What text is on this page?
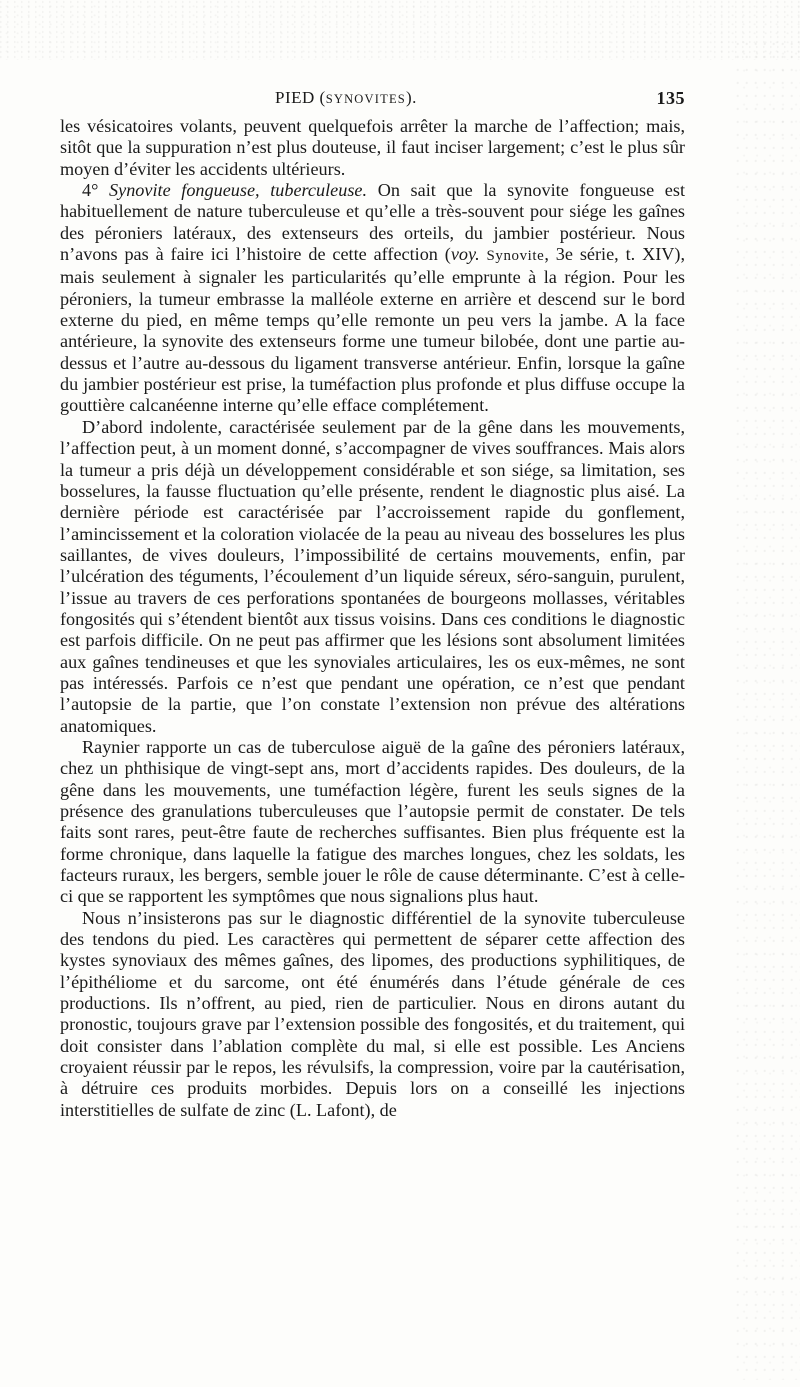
PIED (SYNOVITES).	135

les vésicatoires volants, peuvent quelquefois arrêter la marche de l’affection; mais, sitôt que la suppuration n’est plus douteuse, il faut inciser largement; c’est le plus sûr moyen d’éviter les accidents ultérieurs.

4° Synovite fongueuse, tuberculeuse. On sait que la synovite fongueuse est habituellement de nature tuberculeuse et qu’elle a très-souvent pour siége les gaînes des péroniers latéraux, des extenseurs des orteils, du jambier postérieur. Nous n’avons pas à faire ici l’histoire de cette affection (voy. Synovite, 3e série, t. XIV), mais seulement à signaler les particularités qu’elle emprunte à la région. Pour les péroniers, la tumeur embrasse la malléole externe en arrière et descend sur le bord externe du pied, en même temps qu’elle remonte un peu vers la jambe. A la face antérieure, la synovite des extenseurs forme une tumeur bilobée, dont une partie au-dessus et l’autre au-dessous du ligament transverse antérieur. Enfin, lorsque la gaîne du jambier postérieur est prise, la tuméfaction plus profonde et plus diffuse occupe la gouttière calcanéenne interne qu’elle efface complétement.

D’abord indolente, caractérisée seulement par de la gêne dans les mouvements, l’affection peut, à un moment donné, s’accompagner de vives souffrances. Mais alors la tumeur a pris déjà un développement considérable et son siége, sa limitation, ses bosselures, la fausse fluctuation qu’elle présente, rendent le diagnostic plus aisé. La dernière période est caractérisée par l’accroissement rapide du gonflement, l’amincissement et la coloration violacée de la peau au niveau des bosselures les plus saillantes, de vives douleurs, l’impossibilité de certains mouvements, enfin, par l’ulcération des téguments, l’écoulement d’un liquide séreux, séro-sanguin, purulent, l’issue au travers de ces perforations spontanées de bourgeons mollasses, véritables fongosités qui s’étendent bientôt aux tissus voisins. Dans ces conditions le diagnostic est parfois difficile. On ne peut pas affirmer que les lésions sont absolument limitées aux gaînes tendineuses et que les synoviales articulaires, les os eux-mêmes, ne sont pas intéressés. Parfois ce n’est que pendant une opération, ce n’est que pendant l’autopsie de la partie, que l’on constate l’extension non prévue des altérations anatomiques.

Raynier rapporte un cas de tuberculose aiguë de la gaîne des péroniers latéraux, chez un phthisique de vingt-sept ans, mort d’accidents rapides. Des douleurs, de la gêne dans les mouvements, une tuméfaction légère, furent les seuls signes de la présence des granulations tuberculeuses que l’autopsie permit de constater. De tels faits sont rares, peut-être faute de recherches suffisantes. Bien plus fréquente est la forme chronique, dans laquelle la fatigue des marches longues, chez les soldats, les facteurs ruraux, les bergers, semble jouer le rôle de cause déterminante. C’est à celle-ci que se rapportent les symptômes que nous signalions plus haut.

Nous n’insisterons pas sur le diagnostic différentiel de la synovite tuberculeuse des tendons du pied. Les caractères qui permettent de séparer cette affection des kystes synoviaux des mêmes gaînes, des lipomes, des productions syphilitiques, de l’épithéliome et du sarcome, ont été énumérés dans l’étude générale de ces productions. Ils n’offrent, au pied, rien de particulier. Nous en dirons autant du pronostic, toujours grave par l’extension possible des fongosités, et du traitement, qui doit consister dans l’ablation complète du mal, si elle est possible. Les Anciens croyaient réussir par le repos, les révulsifs, la compression, voire par la cautérisation, à détruire ces produits morbides. Depuis lors on a conseillé les injections interstitielles de sulfate de zinc (L. Lafont), de
